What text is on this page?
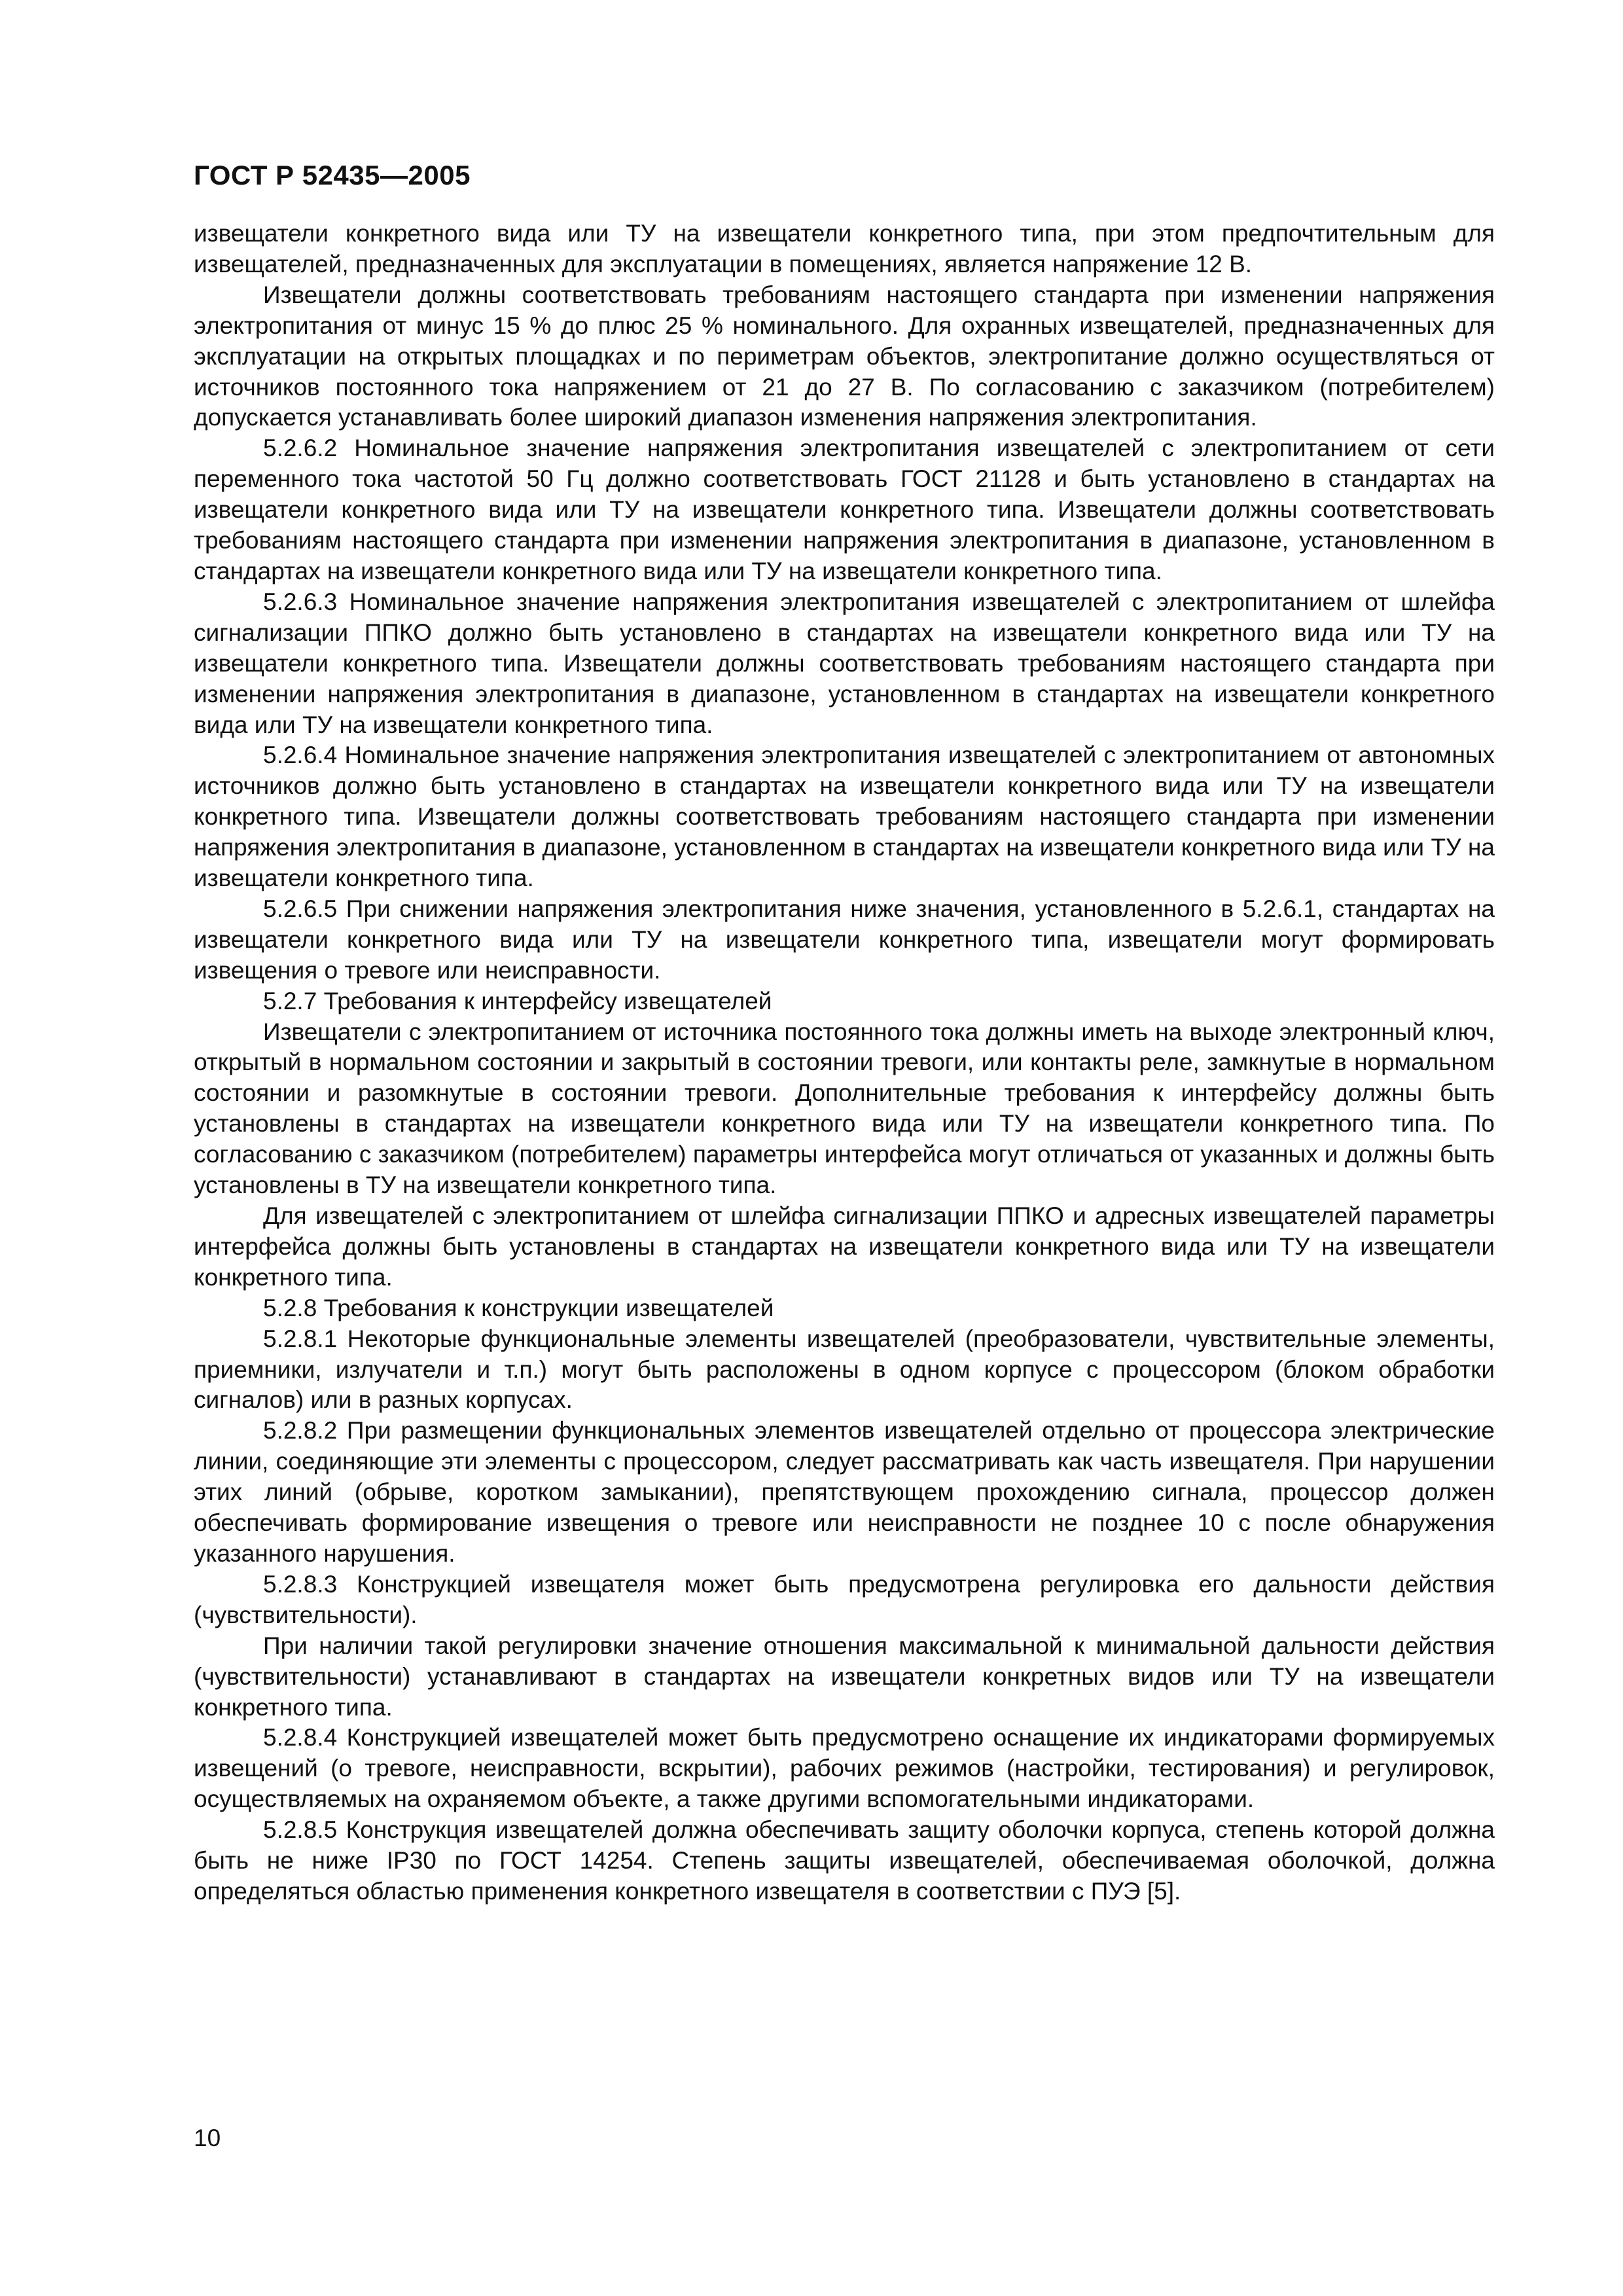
ГОСТ Р 52435—2005

извещатели конкретного вида или ТУ на извещатели конкретного типа, при этом предпочтительным для извещателей, предназначенных для эксплуатации в помещениях, является напряжение 12 В.

Извещатели должны соответствовать требованиям настоящего стандарта при изменении напряжения электропитания от минус 15 % до плюс 25 % номинального. Для охранных извещателей, предназначенных для эксплуатации на открытых площадках и по периметрам объектов, электропитание должно осуществляться от источников постоянного тока напряжением от 21 до 27 В. По согласованию с заказчиком (потребителем) допускается устанавливать более широкий диапазон изменения напряжения электропитания.

5.2.6.2 Номинальное значение напряжения электропитания извещателей с электропитанием от сети переменного тока частотой 50 Гц должно соответствовать ГОСТ 21128 и быть установлено в стандартах на извещатели конкретного вида или ТУ на извещатели конкретного типа. Извещатели должны соответствовать требованиям настоящего стандарта при изменении напряжения электропитания в диапазоне, установленном в стандартах на извещатели конкретного вида или ТУ на извещатели конкретного типа.

5.2.6.3 Номинальное значение напряжения электропитания извещателей с электропитанием от шлейфа сигнализации ППКО должно быть установлено в стандартах на извещатели конкретного вида или ТУ на извещатели конкретного типа. Извещатели должны соответствовать требованиям настоящего стандарта при изменении напряжения электропитания в диапазоне, установленном в стандартах на извещатели конкретного вида или ТУ на извещатели конкретного типа.

5.2.6.4 Номинальное значение напряжения электропитания извещателей с электропитанием от автономных источников должно быть установлено в стандартах на извещатели конкретного вида или ТУ на извещатели конкретного типа. Извещатели должны соответствовать требованиям настоящего стандарта при изменении напряжения электропитания в диапазоне, установленном в стандартах на извещатели конкретного вида или ТУ на извещатели конкретного типа.

5.2.6.5 При снижении напряжения электропитания ниже значения, установленного в 5.2.6.1, стандартах на извещатели конкретного вида или ТУ на извещатели конкретного типа, извещатели могут формировать извещения о тревоге или неисправности.

5.2.7 Требования к интерфейсу извещателей

Извещатели с электропитанием от источника постоянного тока должны иметь на выходе электронный ключ, открытый в нормальном состоянии и закрытый в состоянии тревоги, или контакты реле, замкнутые в нормальном состоянии и разомкнутые в состоянии тревоги. Дополнительные требования к интерфейсу должны быть установлены в стандартах на извещатели конкретного вида или ТУ на извещатели конкретного типа. По согласованию с заказчиком (потребителем) параметры интерфейса могут отличаться от указанных и должны быть установлены в ТУ на извещатели конкретного типа.

Для извещателей с электропитанием от шлейфа сигнализации ППКО и адресных извещателей параметры интерфейса должны быть установлены в стандартах на извещатели конкретного вида или ТУ на извещатели конкретного типа.

5.2.8 Требования к конструкции извещателей

5.2.8.1 Некоторые функциональные элементы извещателей (преобразователи, чувствительные элементы, приемники, излучатели и т.п.) могут быть расположены в одном корпусе с процессором (блоком обработки сигналов) или в разных корпусах.

5.2.8.2 При размещении функциональных элементов извещателей отдельно от процессора электрические линии, соединяющие эти элементы с процессором, следует рассматривать как часть извещателя. При нарушении этих линий (обрыве, коротком замыкании), препятствующем прохождению сигнала, процессор должен обеспечивать формирование извещения о тревоге или неисправности не позднее 10 с после обнаружения указанного нарушения.

5.2.8.3 Конструкцией извещателя может быть предусмотрена регулировка его дальности действия (чувствительности).

При наличии такой регулировки значение отношения максимальной к минимальной дальности действия (чувствительности) устанавливают в стандартах на извещатели конкретных видов или ТУ на извещатели конкретного типа.

5.2.8.4 Конструкцией извещателей может быть предусмотрено оснащение их индикаторами формируемых извещений (о тревоге, неисправности, вскрытии), рабочих режимов (настройки, тестирования) и регулировок, осуществляемых на охраняемом объекте, а также другими вспомогательными индикаторами.

5.2.8.5 Конструкция извещателей должна обеспечивать защиту оболочки корпуса, степень которой должна быть не ниже IP30 по ГОСТ 14254. Степень защиты извещателей, обеспечиваемая оболочкой, должна определяться областью применения конкретного извещателя в соответствии с ПУЭ [5].

10
